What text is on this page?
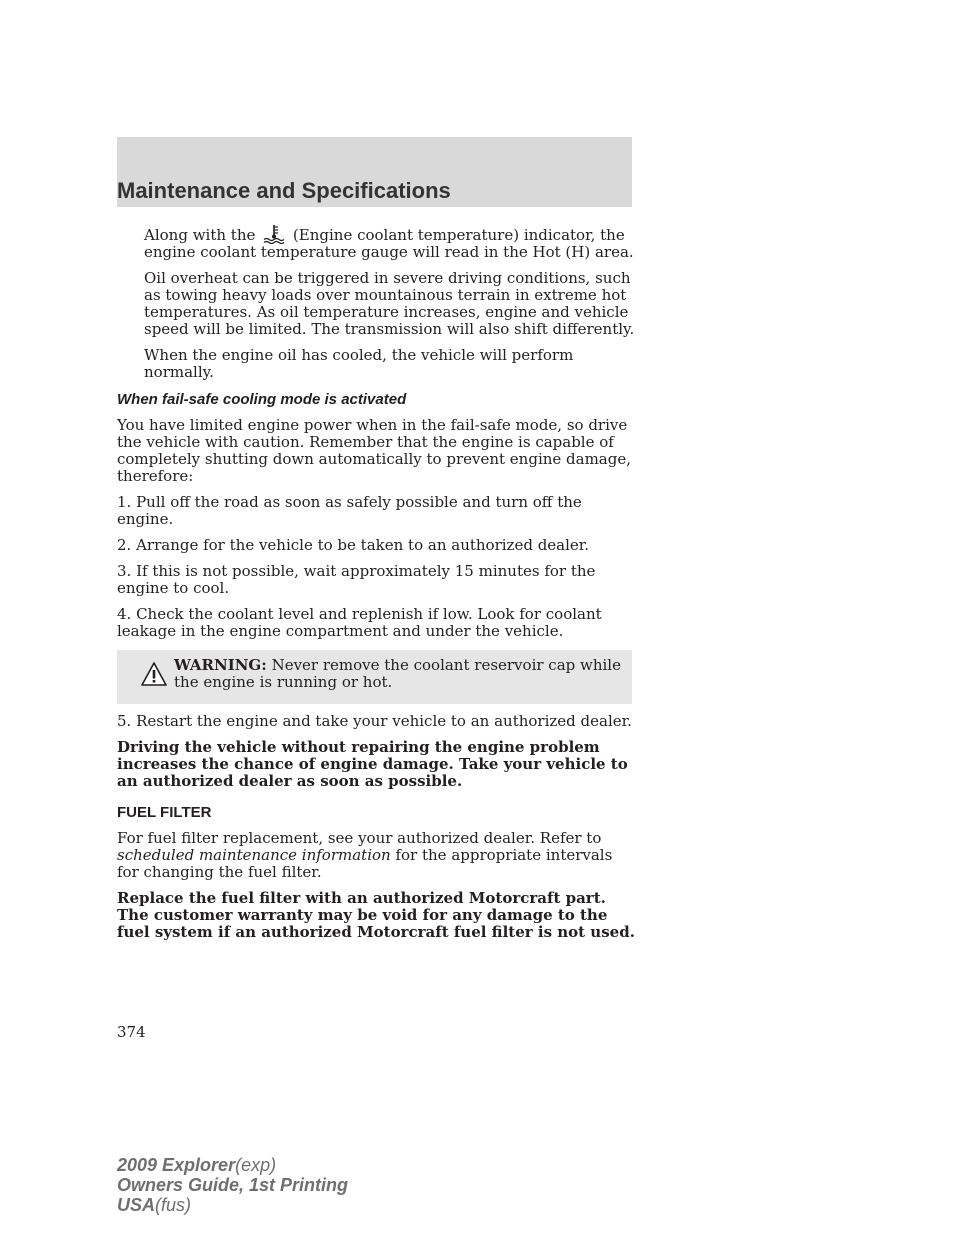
Maintenance and Specifications

Along with the	(Engine coolant temperature) indicator, the engine coolant temperature gauge will read in the Hot (H) area.

Oil overheat can be triggered in severe driving conditions, such as towing heavy loads over mountainous terrain in extreme hot temperatures. As oil temperature increases, engine and vehicle speed will be limited. The transmission will also shift differently.

When the engine oil has cooled, the vehicle will perform normally.

When fail-safe cooling mode is activated

You have limited engine power when in the fail-safe mode, so drive the vehicle with caution. Remember that the engine is capable of completely shutting down automatically to prevent engine damage, therefore:

1. Pull off the road as soon as safely possible and turn off the engine.

2. Arrange for the vehicle to be taken to an authorized dealer.

3. If this is not possible, wait approximately 15 minutes for the engine to cool.

4. Check the coolant level and replenish if low. Look for coolant leakage in the engine compartment and under the vehicle.

WARNING: Never remove the coolant reservoir cap while the engine is running or hot.

5. Restart the engine and take your vehicle to an authorized dealer.

Driving the vehicle without repairing the engine problem increases the chance of engine damage. Take your vehicle to an authorized dealer as soon as possible.

FUEL FILTER

For fuel filter replacement, see your authorized dealer. Refer to scheduled maintenance information for the appropriate intervals for changing the fuel filter.

Replace the fuel filter with an authorized Motorcraft part. The customer warranty may be void for any damage to the fuel system if an authorized Motorcraft fuel filter is not used.

374
2009 Explorer(exp)
Owners Guide, 1st Printing
USA(fus)
